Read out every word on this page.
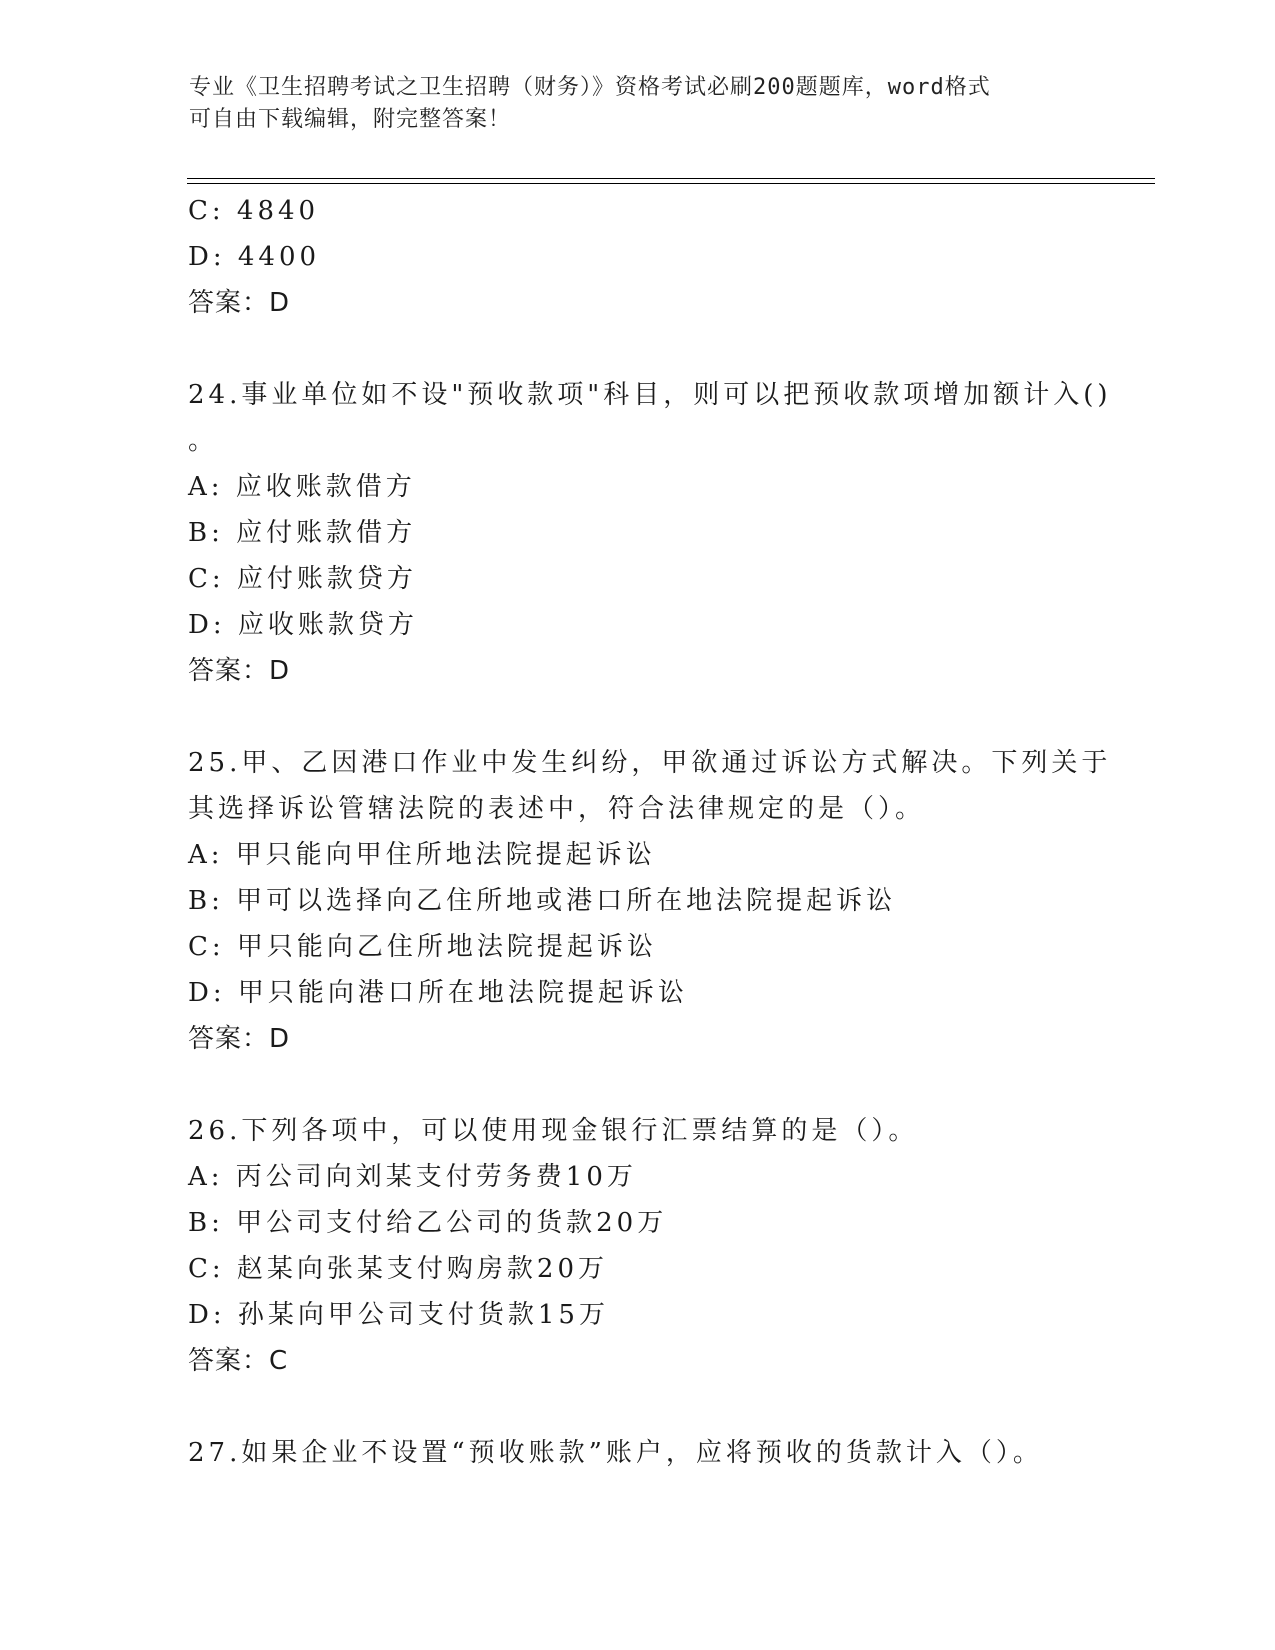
专业《卫生招聘考试之卫生招聘（财务）》资格考试必刷200题题库，word格式
可自由下载编辑，附完整答案！
C: 4840
D: 4400
答案：D
24.事业单位如不设"预收款项"科目，则可以把预收款项增加额计入()
。
A: 应收账款借方
B: 应付账款借方
C: 应付账款贷方
D: 应收账款贷方
答案：D
25.甲、乙因港口作业中发生纠纷，甲欲通过诉讼方式解决。下列关于
其选择诉讼管辖法院的表述中，符合法律规定的是（）。
A: 甲只能向甲住所地法院提起诉讼
B: 甲可以选择向乙住所地或港口所在地法院提起诉讼
C: 甲只能向乙住所地法院提起诉讼
D: 甲只能向港口所在地法院提起诉讼
答案：D
26.下列各项中，可以使用现金银行汇票结算的是（）。
A: 丙公司向刘某支付劳务费10万
B: 甲公司支付给乙公司的货款20万
C: 赵某向张某支付购房款20万
D: 孙某向甲公司支付货款15万
答案：C
27.如果企业不设置“预收账款”账户，应将预收的货款计入（）。
